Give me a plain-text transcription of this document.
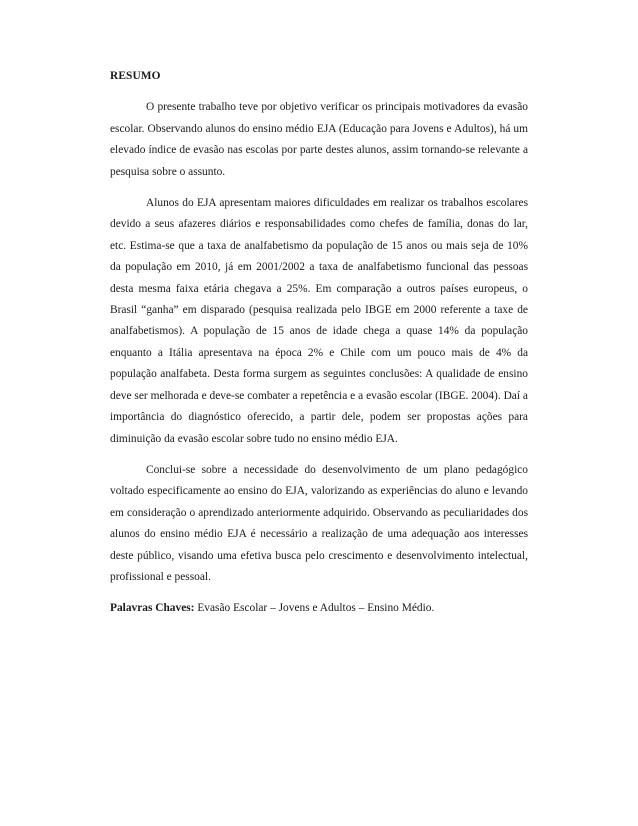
RESUMO

O presente trabalho teve por objetivo verificar os principais motivadores da evasão escolar. Observando alunos do ensino médio EJA (Educação para Jovens e Adultos), há um elevado índice de evasão nas escolas por parte destes alunos, assim tornando-se relevante a pesquisa sobre o assunto.

Alunos do EJA apresentam maiores dificuldades em realizar os trabalhos escolares devido a seus afazeres diários e responsabilidades como chefes de família, donas do lar, etc. Estima-se que a taxa de analfabetismo da população de 15 anos ou mais seja de 10% da população em 2010, já em 2001/2002 a taxa de analfabetismo funcional das pessoas desta mesma faixa etária chegava a 25%. Em comparação a outros países europeus, o Brasil “ganha” em disparado (pesquisa realizada pelo IBGE em 2000 referente a taxe de analfabetismos). A população de 15 anos de idade chega a quase 14% da população enquanto a Itália apresentava na época 2% e Chile com um pouco mais de 4% da população analfabeta. Desta forma surgem as seguintes conclusões: A qualidade de ensino deve ser melhorada e deve-se combater a repetência e a evasão escolar (IBGE. 2004). Daí a importância do diagnóstico oferecido, a partir dele, podem ser propostas ações para diminuição da evasão escolar sobre tudo no ensino médio EJA.

Conclui-se sobre a necessidade do desenvolvimento de um plano pedagógico voltado especificamente ao ensino do EJA, valorizando as experiências do aluno e levando em consideração o aprendizado anteriormente adquirido. Observando as peculiaridades dos alunos do ensino médio EJA é necessário a realização de uma adequação aos interesses deste público, visando uma efetiva busca pelo crescimento e desenvolvimento intelectual, profissional e pessoal.

Palavras Chaves: Evasão Escolar – Jovens e Adultos – Ensino Médio.
